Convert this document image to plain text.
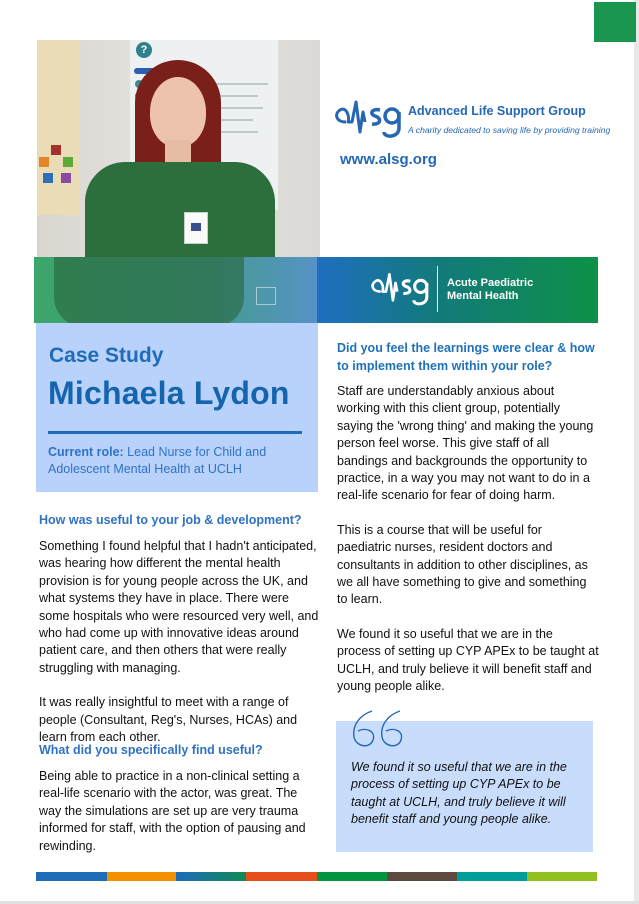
?
Advanced Life Support Group
A charity dedicated to saving life by providing training
www.alsg.org
Acute Paediatric
Mental Health
Case Study
Michaela Lydon
Current role: Lead Nurse for Child and Adolescent Mental Health at UCLH
How was useful to your job & development?

Something I found helpful that I hadn't anticipated, was hearing how different the mental health provision is for young people across the UK, and what systems they have in place. There were some hospitals who were resourced very well, and who had come up with innovative ideas around patient care, and then others that were really struggling with managing.

It was really insightful to meet with a range of people (Consultant, Reg's, Nurses, HCAs) and learn from each other.

What did you specifically find useful?

Being able to practice in a non-clinical setting a real-life scenario with the actor, was great. The way the simulations are set up are very trauma informed for staff, with the option of pausing and rewinding.

Did you feel the learnings were clear & how to implement them within your role?

Staff are understandably anxious about working with this client group, potentially saying the 'wrong thing' and making the young person feel worse. This give staff of all bandings and backgrounds the opportunity to practice, in a way you may not want to do in a real-life scenario for fear of doing harm.

This is a course that will be useful for paediatric nurses, resident doctors and consultants in addition to other disciplines, as we all have something to give and something to learn.

We found it so useful that we are in the process of setting up CYP APEx to be taught at UCLH, and truly believe it will benefit staff and young people alike.

We found it so useful that we are in the process of setting up CYP APEx to be taught at UCLH, and truly believe it will benefit staff and young people alike.
